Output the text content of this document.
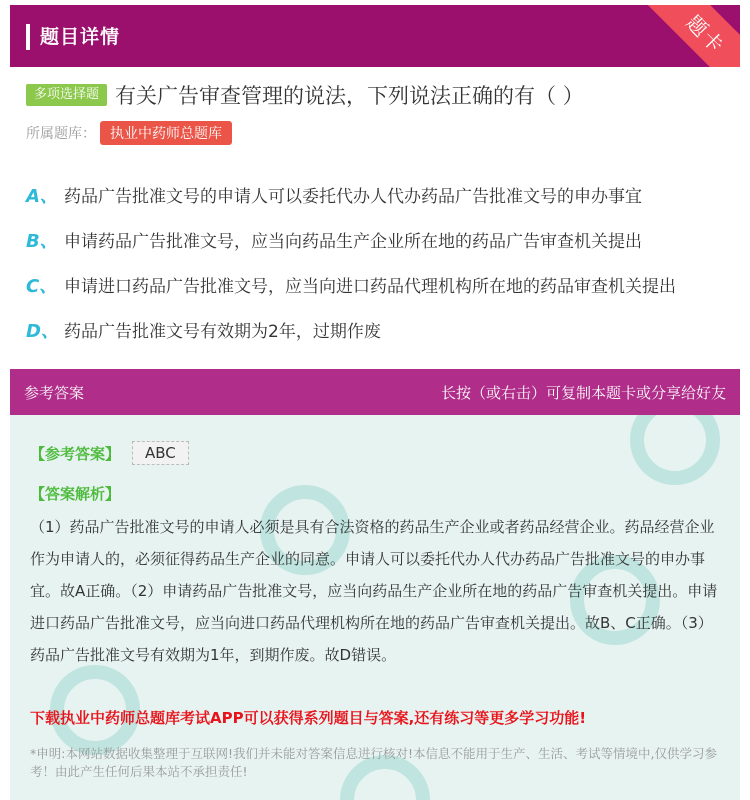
题目详情	题卡
多项选择题 有关广告审查管理的说法，下列说法正确的有（ ）
所属题库：	执业中药师总题库
A、 药品广告批准文号的申请人可以委托代办人代办药品广告批准文号的申办事宜
B、 申请药品广告批准文号，应当向药品生产企业所在地的药品广告审查机关提出
C、 申请进口药品广告批准文号，应当向进口药品代理机构所在地的药品审查机关提出
D、 药品广告批准文号有效期为2年，过期作废
参考答案	长按（或右击）可复制本题卡或分享给好友
【参考答案】	ABC
【答案解析】
（1）药品广告批准文号的申请人必须是具有合法资格的药品生产企业或者药品经营企业。药品经营企业作为申请人的，必须征得药品生产企业的同意。申请人可以委托代办人代办药品广告批准文号的申办事宜。故A正确。（2）申请药品广告批准文号，应当向药品生产企业所在地的药品广告审查机关提出。申请进口药品广告批准文号，应当向进口药品代理机构所在地的药品广告审查机关提出。故B、C正确。（3）药品广告批准文号有效期为1年，到期作废。故D错误。
下载执业中药师总题库考试APP可以获得系列题目与答案,还有练习等更多学习功能!
*申明:本网站数据收集整理于互联网!我们并未能对答案信息进行核对!本信息不能用于生产、生活、考试等情境中,仅供学习参考！由此产生任何后果本站不承担责任!
